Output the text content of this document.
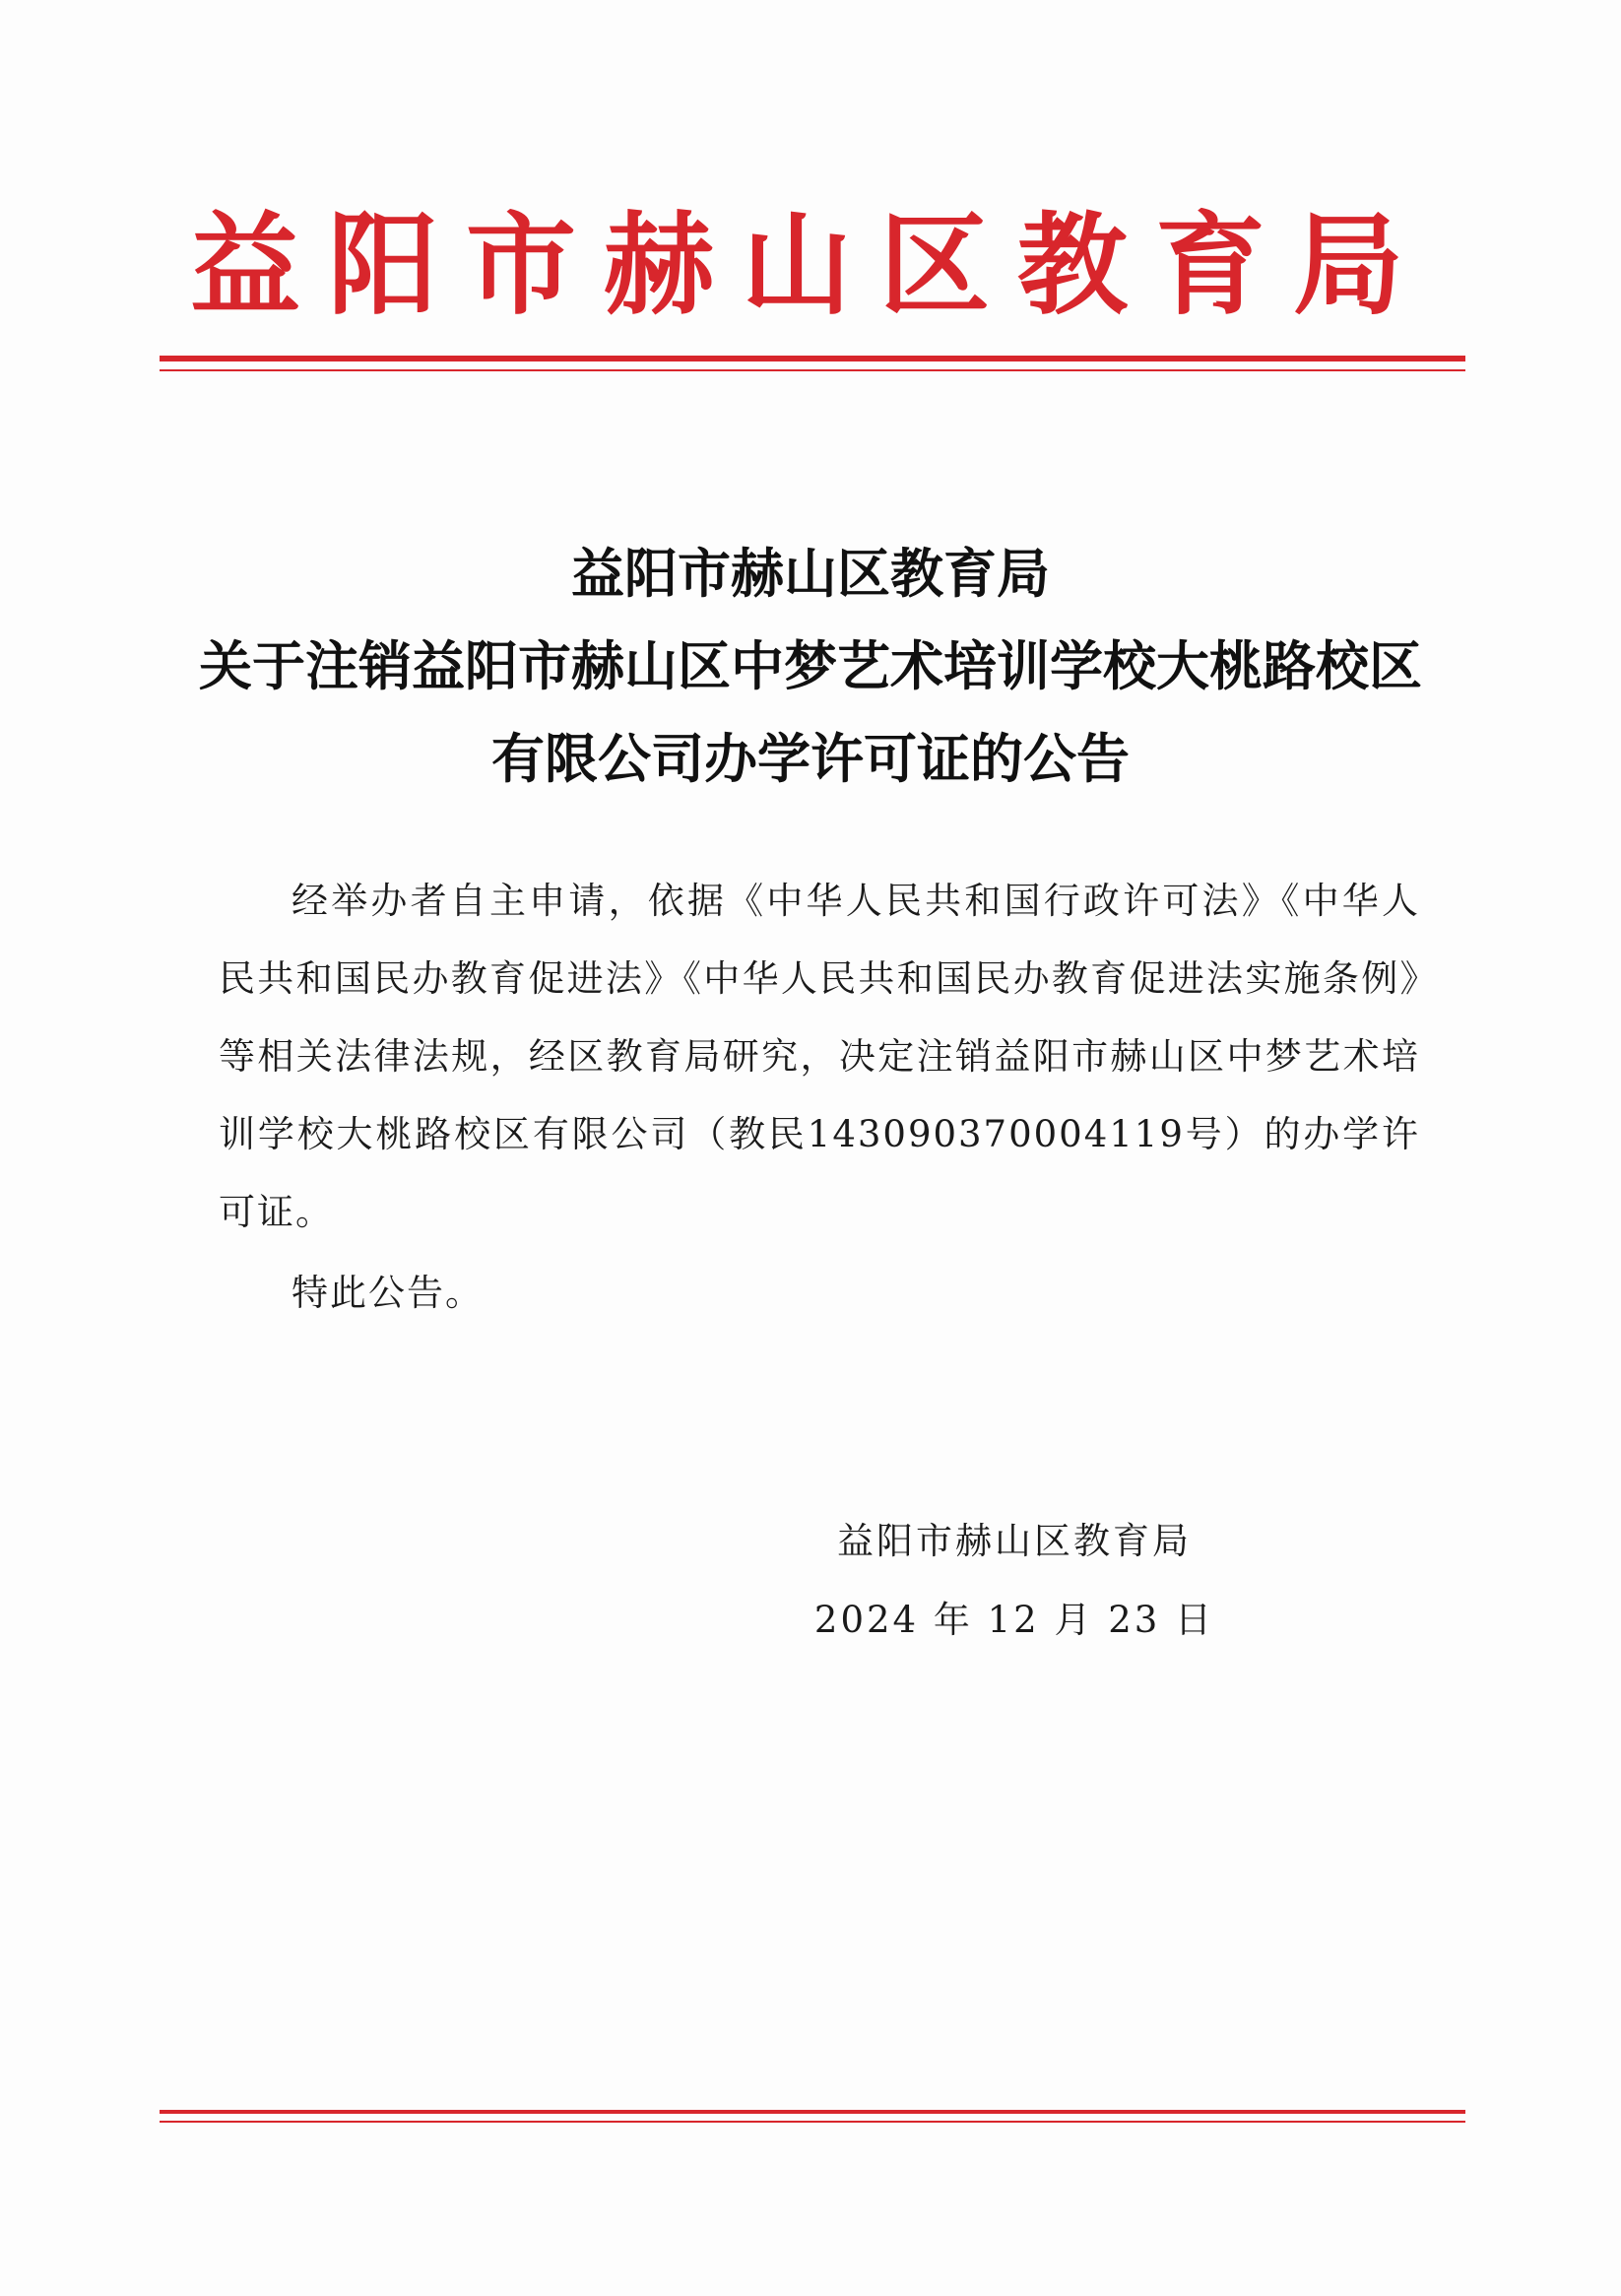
益阳市赫山区教育局
益阳市赫山区教育局
关于注销益阳市赫山区中梦艺术培训学校大桃路校区
有限公司办学许可证的公告

经举办者自主申请，依据《中华人民共和国行政许可法》《中华人民共和国民办教育促进法》《中华人民共和国民办教育促进法实施条例》等相关法律法规，经区教育局研究，决定注销益阳市赫山区中梦艺术培训学校大桃路校区有限公司（教民143090370004119号）的办学许可证。

特此公告。
益阳市赫山区教育局
2024 年 12 月 23 日
